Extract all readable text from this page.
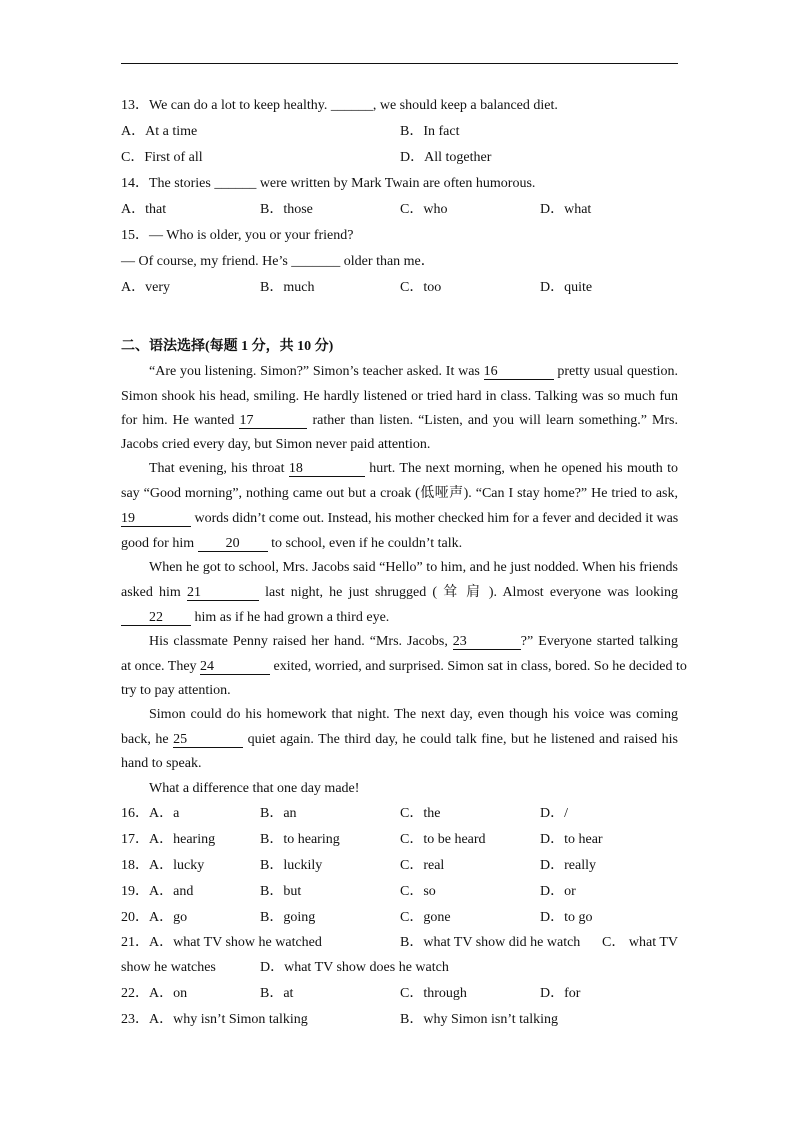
13．We can do a lot to keep healthy. ______, we should keep a balanced diet.
A．At a time	B．In fact
C．First of all	D．All together
14．The stories ______ were written by Mark Twain are often humorous.
A．that	B．those	C．who	D．what
15．— Who is older, you or your friend?
— Of course, my friend. He’s _______ older than me．
A．very	B．much	C．too	D．quite
二、语法选择(每题 1 分，共 10 分)
“Are you listening. Simon?” Simon’s teacher asked. It was 16	pretty usual question.
Simon shook his head, smiling. He hardly listened or tried hard in class. Talking was so much fun
for him. He wanted 17	rather than listen. “Listen, and you will learn something.” Mrs.
Jacobs cried every day, but Simon never paid attention.
That evening, his throat 18	hurt. The next morning, when he opened his mouth to
say “Good morning”, nothing came out but a croak (低哑声). “Can I stay home?” He tried to ask,
19	words didn’t come out. Instead, his mother checked him for a fever and decided it was
good for him 20 to school, even if he couldn’t talk.
When he got to school, Mrs. Jacobs said “Hello” to him, and he just nodded. When his friends
asked him 21	last night, he just shrugged ( 耸 肩 ). Almost everyone was looking
22 him as if he had grown a third eye.
His classmate Penny raised her hand. “Mrs. Jacobs, 23	?” Everyone started talking
at once. They 24	exited, worried, and surprised. Simon sat in class, bored. So he decided to
try to pay attention.
Simon could do his homework that night. The next day, even though his voice was coming
back, he 25	quiet again. The third day, he could talk fine, but he listened and raised his
hand to speak.
What a difference that one day made!
16．A．a	B．an	C．the	D．/
17．A．hearing	B．to hearing	C．to be heard	D．to hear
18．A．lucky	B．luckily	C．real	D．really
19．A．and	B．but	C．so	D．or
20．A．go	B．going	C．gone	D．to go
21．A．what TV show he watched	B．what TV show did he watch C． what TV
show he watches	D．what TV show does he watch
22．A．on	B．at	C．through	D．for
23．A．why isn’t Simon talking	B．why Simon isn’t talking
